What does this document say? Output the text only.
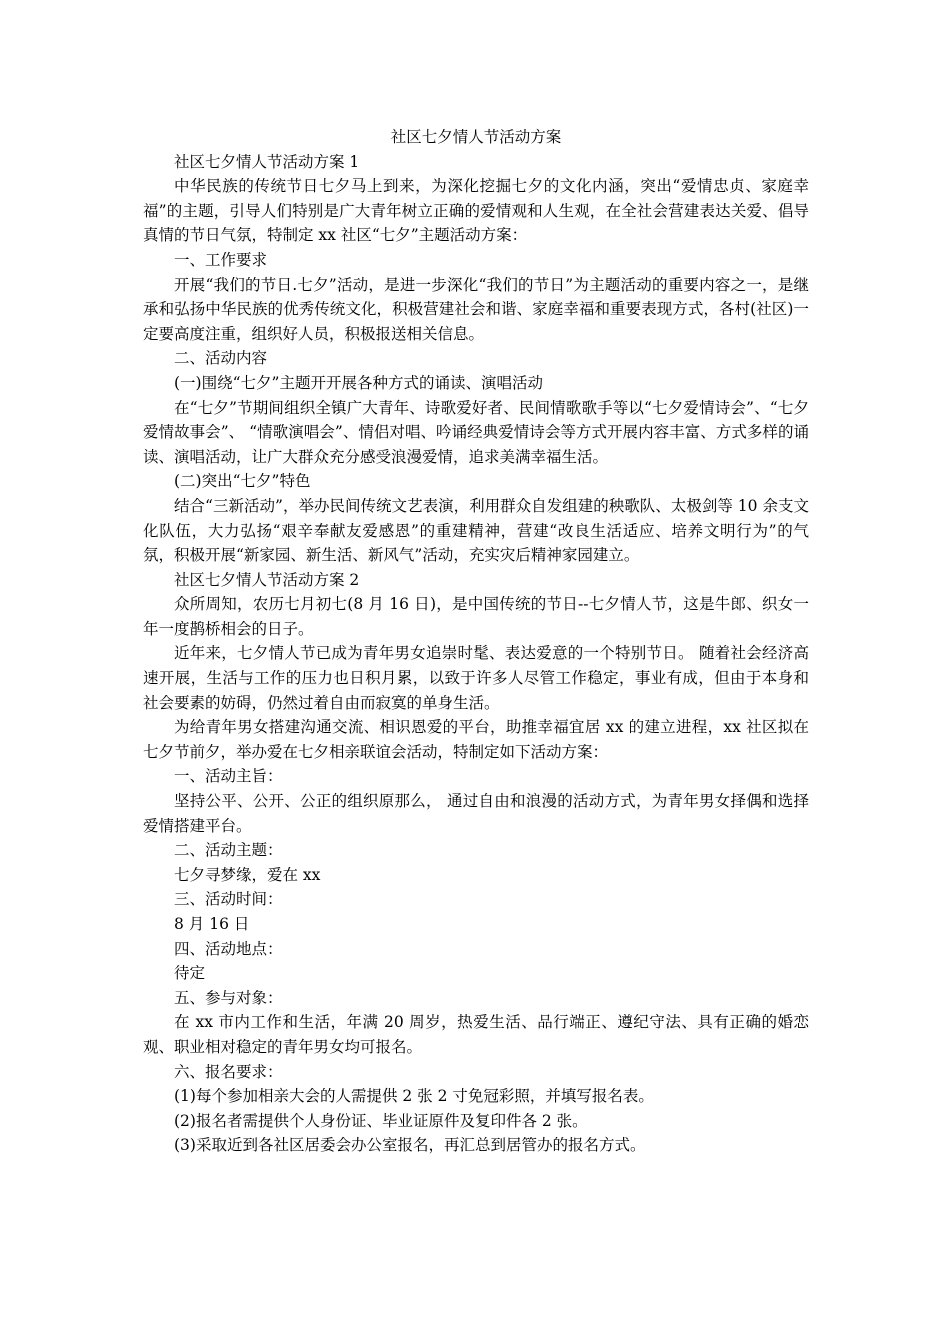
社区七夕情人节活动方案

社区七夕情人节活动方案 1

中华民族的传统节日七夕马上到来，为深化挖掘七夕的文化内涵，突出“爱情忠贞、家庭幸福”的主题，引导人们特别是广大青年树立正确的爱情观和人生观，在全社会营建表达关爱、倡导真情的节日气氛，特制定 xx 社区“七夕”主题活动方案：

一、工作要求

开展“我们的节日.七夕”活动，是进一步深化“我们的节日”为主题活动的重要内容之一，是继承和弘扬中华民族的优秀传统文化，积极营建社会和谐、家庭幸福和重要表现方式，各村(社区)一定要高度注重，组织好人员，积极报送相关信息。

二、活动内容

(一)围绕“七夕”主题开开展各种方式的诵读、演唱活动

在“七夕”节期间组织全镇广大青年、诗歌爱好者、民间情歌歌手等以“七夕爱情诗会”、“七夕爱情故事会”、 “情歌演唱会”、情侣对唱、吟诵经典爱情诗会等方式开展内容丰富、方式多样的诵读、演唱活动，让广大群众充分感受浪漫爱情，追求美满幸福生活。

(二)突出“七夕”特色

结合“三新活动”，举办民间传统文艺表演，利用群众自发组建的秧歌队、太极剑等 10 余支文化队伍，大力弘扬“艰辛奉献友爱感恩”的重建精神，营建“改良生活适应、培养文明行为”的气氛，积极开展“新家园、新生活、新风气”活动，充实灾后精神家园建立。

社区七夕情人节活动方案 2

众所周知，农历七月初七(8 月 16 日)，是中国传统的节日--七夕情人节，这是牛郎、织女一年一度鹊桥相会的日子。

近年来，七夕情人节已成为青年男女追崇时髦、表达爱意的一个特别节日。 随着社会经济高速开展，生活与工作的压力也日积月累，以致于许多人尽管工作稳定，事业有成，但由于本身和社会要素的妨碍，仍然过着自由而寂寞的单身生活。

为给青年男女搭建沟通交流、相识恩爱的平台，助推幸福宜居 xx 的建立进程，xx 社区拟在七夕节前夕，举办爱在七夕相亲联谊会活动，特制定如下活动方案：

一、活动主旨：

坚持公平、公开、公正的组织原那么， 通过自由和浪漫的活动方式，为青年男女择偶和选择爱情搭建平台。

二、活动主题：

七夕寻梦缘，爱在 xx

三、活动时间：

8 月 16 日

四、活动地点：

待定

五、参与对象：

在 xx 市内工作和生活，年满 20 周岁，热爱生活、品行端正、遵纪守法、具有正确的婚恋观、职业相对稳定的青年男女均可报名。

六、报名要求：

(1)每个参加相亲大会的人需提供 2 张 2 寸免冠彩照，并填写报名表。

(2)报名者需提供个人身份证、毕业证原件及复印件各 2 张。

(3)采取近到各社区居委会办公室报名，再汇总到居管办的报名方式。
